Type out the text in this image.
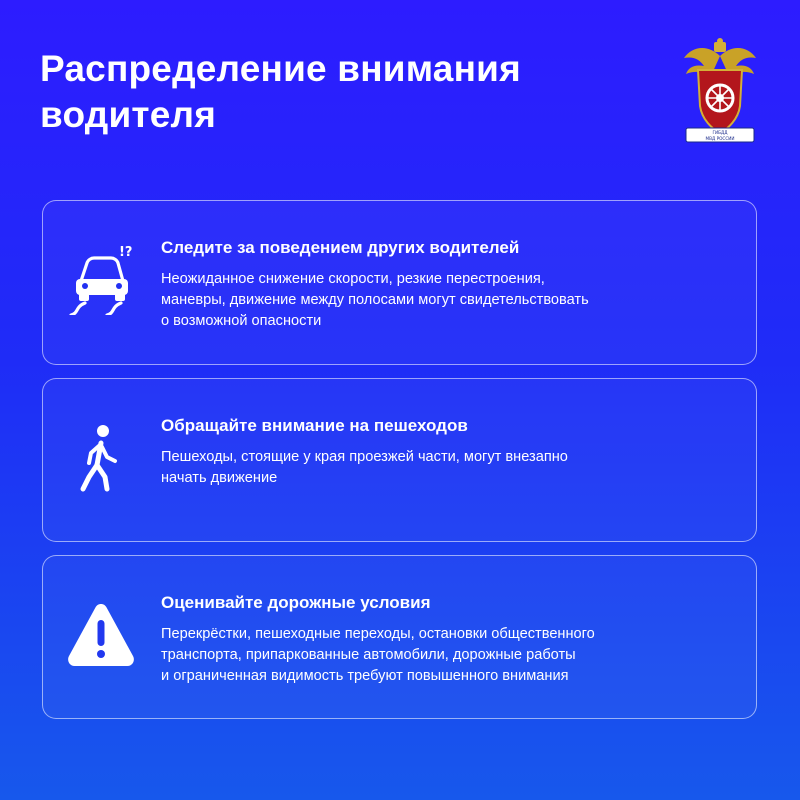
Распределение внимания
водителя	ГИБДД
МВД РОССИИ
!? Следите за поведением других водителей

Неожиданное снижение скорости, резкие перестроения,
маневры, движение между полосами могут свидетельствовать
о возможной опасности

Обращайте внимание на пешеходов

Пешеходы, стоящие у края проезжей части, могут внезапно
начать движение

Оценивайте дорожные условия

Перекрёстки, пешеходные переходы, остановки общественного
транспорта, припаркованные автомобили, дорожные работы
и ограниченная видимость требуют повышенного внимания
